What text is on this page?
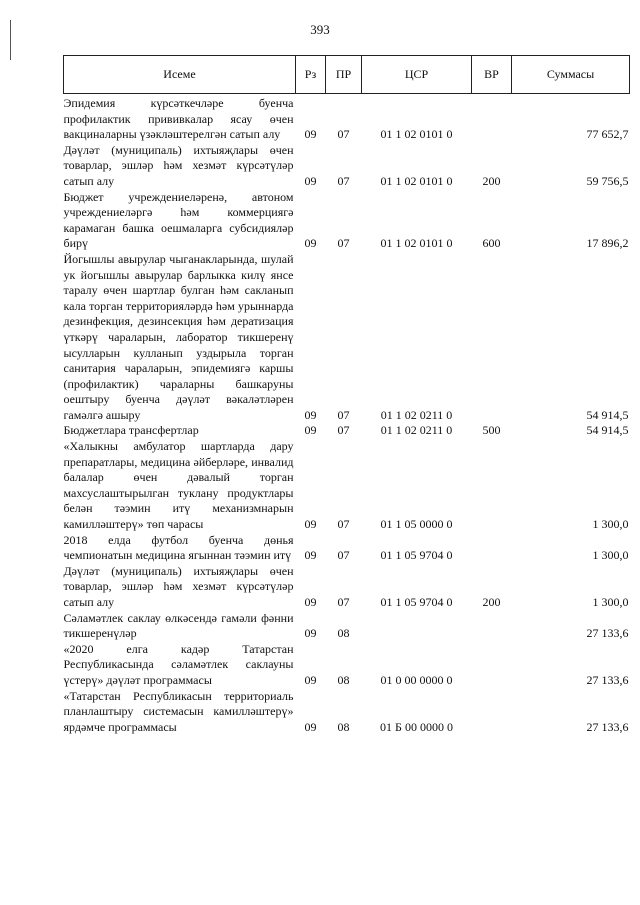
393
Исеме	Рз	ПР	ЦСР	ВР	Суммасы
Эпидемия күрсәткечләре буенча профилактик прививкалар ясау өчен вакциналарны үзәкләштерелгән сатып алу	09	07	01 1 02 0101 0		77 652,7
Дәүләт (муниципаль) ихтыяҗлары өчен товарлар, эшләр һәм хезмәт күрсәтүләр сатып алу	09	07	01 1 02 0101 0	200	59 756,5
Бюджет учреждениеләренә, автоном учреждениеләргә һәм коммерциягә карамаган башка оешмаларга субсидияләр бирү	09	07	01 1 02 0101 0	600	17 896,2
Йогышлы авырулар чыганакларында, шулай ук йогышлы авырулар барлыкка килү янсе таралу өчен шартлар булган һәм сакланып кала торган территорияләрдә һәм урыннарда дезинфекция, дезинсекция һәм дератизация үткәрү чараларын, лаборатор тикшеренү ысулларын кулланып уздырыла торган санитария чараларын, эпидемиягә каршы (профилактик) чараларны башкаруны оештыру буенча дәүләт вәкаләтләрен гамәлгә ашыру	09	07	01 1 02 0211 0		54 914,5
Бюджетлара трансфертлар	09	07	01 1 02 0211 0	500	54 914,5
«Халыкны амбулатор шартларда дару препаратлары, медицина әйберләре, инвалид балалар өчен дәвалый торган махсуслаштырылган туклану продуктлары белән тәэмин итү механизмнарын камилләштерү» төп чарасы	09	07	01 1 05 0000 0		1 300,0
2018 елда футбол буенча дөнья чемпионатын медицина ягыннан тәэмин итү	09	07	01 1 05 9704 0		1 300,0
Дәүләт (муниципаль) ихтыяҗлары өчен товарлар, эшләр һәм хезмәт күрсәтүләр сатып алу	09	07	01 1 05 9704 0	200	1 300,0
Сәламәтлек саклау өлкәсендә гамәли фәнни тикшеренүләр	09	08			27 133,6
«2020 елга кадәр Татарстан Республикасында сәламәтлек саклауны үстерү» дәүләт программасы	09	08	01 0 00 0000 0		27 133,6
«Татарстан Республикасын территориаль планлаштыру системасын камилләштерү» ярдәмче программасы	09	08	01 Б 00 0000 0		27 133,6
